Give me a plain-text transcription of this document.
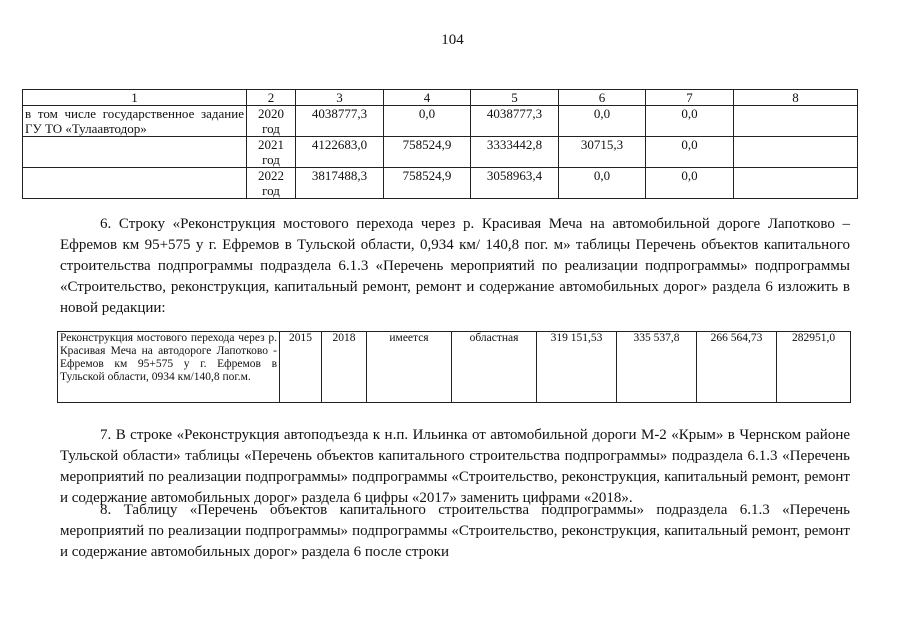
104
1	2	3	4	5	6	7	8
в том числе государственное задание ГУ ТО «Тулаавтодор»	2020 год	4038777,3	0,0	4038777,3	0,0	0,0	
	2021 год	4122683,0	758524,9	3333442,8	30715,3	0,0	
	2022 год	3817488,3	758524,9	3058963,4	0,0	0,0	

6. Строку «Реконструкция мостового перехода через р. Красивая Меча на автомобильной дороге Лапотково – Ефремов км 95+575 у г. Ефремов в Тульской области, 0,934 км/ 140,8 пог. м» таблицы Перечень объектов капитального строительства подпрограммы подраздела 6.1.3 «Перечень мероприятий по реализации подпрограммы» подпрограммы «Строительство, реконструкция, капитальный ремонт, ремонт и содержание автомобильных дорог» раздела 6 изложить в новой редакции:

Реконструкция мостового перехода через р. Красивая Меча на автодороге Лапотково - Ефремов км 95+575 у г. Ефремов в Тульской области, 0934 км/140,8 пог.м.	2015	2018	имеется	областная	319 151,53	335 537,8	266 564,73	282951,0

7. В строке «Реконструкция автоподъезда к н.п. Ильинка от автомобильной дороги М-2 «Крым» в Чернском районе Тульской области» таблицы «Перечень объектов капитального строительства подпрограммы» подраздела 6.1.3 «Перечень мероприятий по реализации подпрограммы» подпрограммы «Строительство, реконструкция, капитальный ремонт, ремонт и содержание автомобильных дорог» раздела 6 цифры «2017» заменить цифрами «2018».

8. Таблицу «Перечень объектов капитального строительства подпрограммы» подраздела 6.1.3 «Перечень мероприятий по реализации подпрограммы» подпрограммы «Строительство, реконструкция, капитальный ремонт, ремонт и содержание автомобильных дорог» раздела 6 после строки
